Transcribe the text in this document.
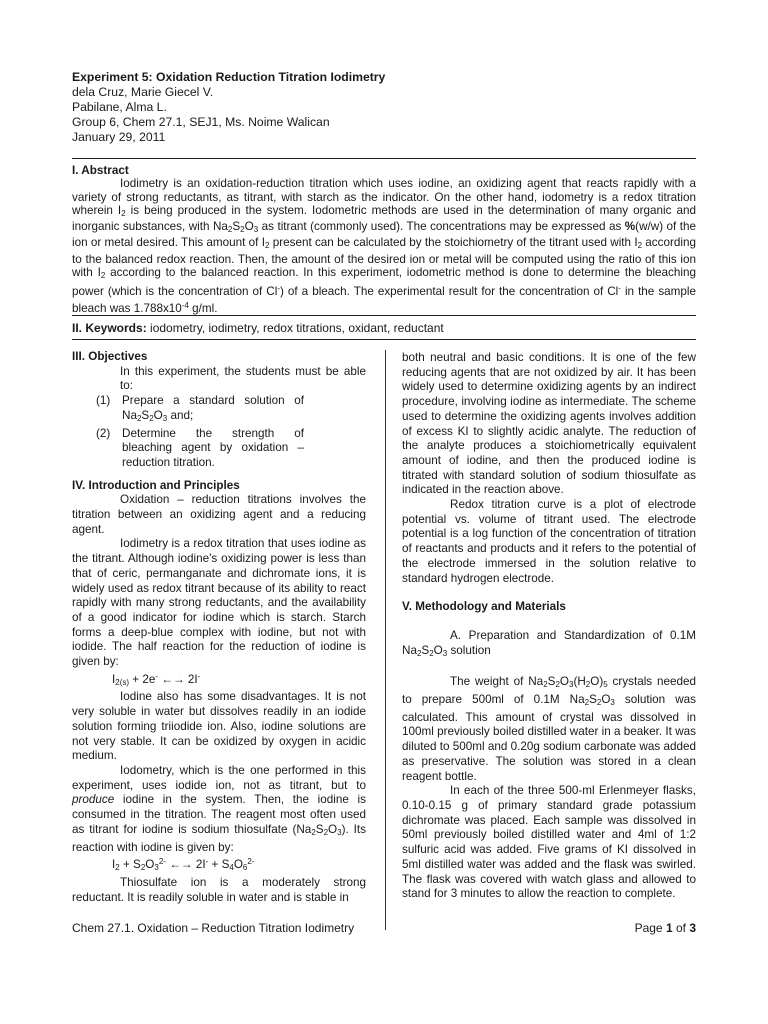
Experiment 5: Oxidation Reduction Titration Iodimetry
dela Cruz, Marie Giecel V.
Pabilane, Alma L.
Group 6, Chem 27.1, SEJ1, Ms. Noime Walican
January 29, 2011

I. Abstract

Iodimetry is an oxidation-reduction titration which uses iodine, an oxidizing agent that reacts rapidly with a variety of strong reductants, as titrant, with starch as the indicator. On the other hand, iodometry is a redox titration wherein $I_2$ is being produced in the system. Iodometric methods are used in the determination of many organic and inorganic substances, with $Na_2S_2O_3$ as titrant (commonly used). The concentrations may be expressed as %(w/w) of the ion or metal desired. This amount of $I_2$ present can be calculated by the stoichiometry of the titrant used with $I_2$ according to the balanced redox reaction. Then, the amount of the desired ion or metal will be computed using the ratio of this ion with $I_2$ according to the balanced reaction. In this experiment, iodometric method is done to determine the bleaching power (which is the concentration of Cl-) of a bleach. The experimental result for the concentration of Cl- in the sample bleach was $1.788x10^{-4}$ g/ml.

II. Keywords: iodometry, iodimetry, redox titrations, oxidant, reductant

III. Objectives

In this experiment, the students must be able to:

(1)	Prepare a standard solution of $Na_2S_2O_3$ and;
(2)	Determine the strength of bleaching agent by oxidation – reduction titration.

IV. Introduction and Principles

Oxidation – reduction titrations involves the titration between an oxidizing agent and a reducing agent.

Iodimetry is a redox titration that uses iodine as the titrant. Although iodine's oxidizing power is less than that of ceric, permanganate and dichromate ions, it is widely used as redox titrant because of its ability to react rapidly with many strong reductants, and the availability of a good indicator for iodine which is starch. Starch forms a deep-blue complex with iodine, but not with iodide. The half reaction for the reduction of iodine is given by:

$I_{2(s)} + 2e^-$ ←→ 2I-

Iodine also has some disadvantages. It is not very soluble in water but dissolves readily in an iodide solution forming triiodide ion. Also, iodine solutions are not very stable. It can be oxidized by oxygen in acidic medium.

Iodometry, which is the one performed in this experiment, uses iodide ion, not as titrant, but to produce iodine in the system. Then, the iodine is consumed in the titration. The reagent most often used as titrant for iodine is sodium thiosulfate $(Na_2S_2O_3)$. Its reaction with iodine is given by:

$I_2 + S_2O_3^{2-}$ ←→ $2I^- + S_4O_6^{2-}$

Thiosulfate ion is a moderately strong reductant. It is readily soluble in water and is stable in

both neutral and basic conditions. It is one of the few reducing agents that are not oxidized by air. It has been widely used to determine oxidizing agents by an indirect procedure, involving iodine as intermediate. The scheme used to determine the oxidizing agents involves addition of excess KI to slightly acidic analyte. The reduction of the analyte produces a stoichiometrically equivalent amount of iodine, and then the produced iodine is titrated with standard solution of sodium thiosulfate as indicated in the reaction above.

Redox titration curve is a plot of electrode potential vs. volume of titrant used. The electrode potential is a log function of the concentration of titration of reactants and products and it refers to the potential of the electrode immersed in the solution relative to standard hydrogen electrode.

V. Methodology and Materials

A. Preparation and Standardization of 0.1M $Na_2S_2O_3$ solution

The weight of $Na_2S_2O_3(H_2O)_5$ crystals needed to prepare 500ml of 0.1M $Na_2S_2O_3$ solution was calculated. This amount of crystal was dissolved in 100ml previously boiled distilled water in a beaker. It was diluted to 500ml and 0.20g sodium carbonate was added as preservative. The solution was stored in a clean reagent bottle.

In each of the three 500-ml Erlenmeyer flasks, 0.10-0.15 g of primary standard grade potassium dichromate was placed. Each sample was dissolved in 50ml previously boiled distilled water and 4ml of 1:2 sulfuric acid was added. Five grams of KI dissolved in 5ml distilled water was added and the flask was swirled. The flask was covered with watch glass and allowed to stand for 3 minutes to allow the reaction to complete.

Chem 27.1. Oxidation – Reduction Titration Iodimetry	Page 1 of 3
